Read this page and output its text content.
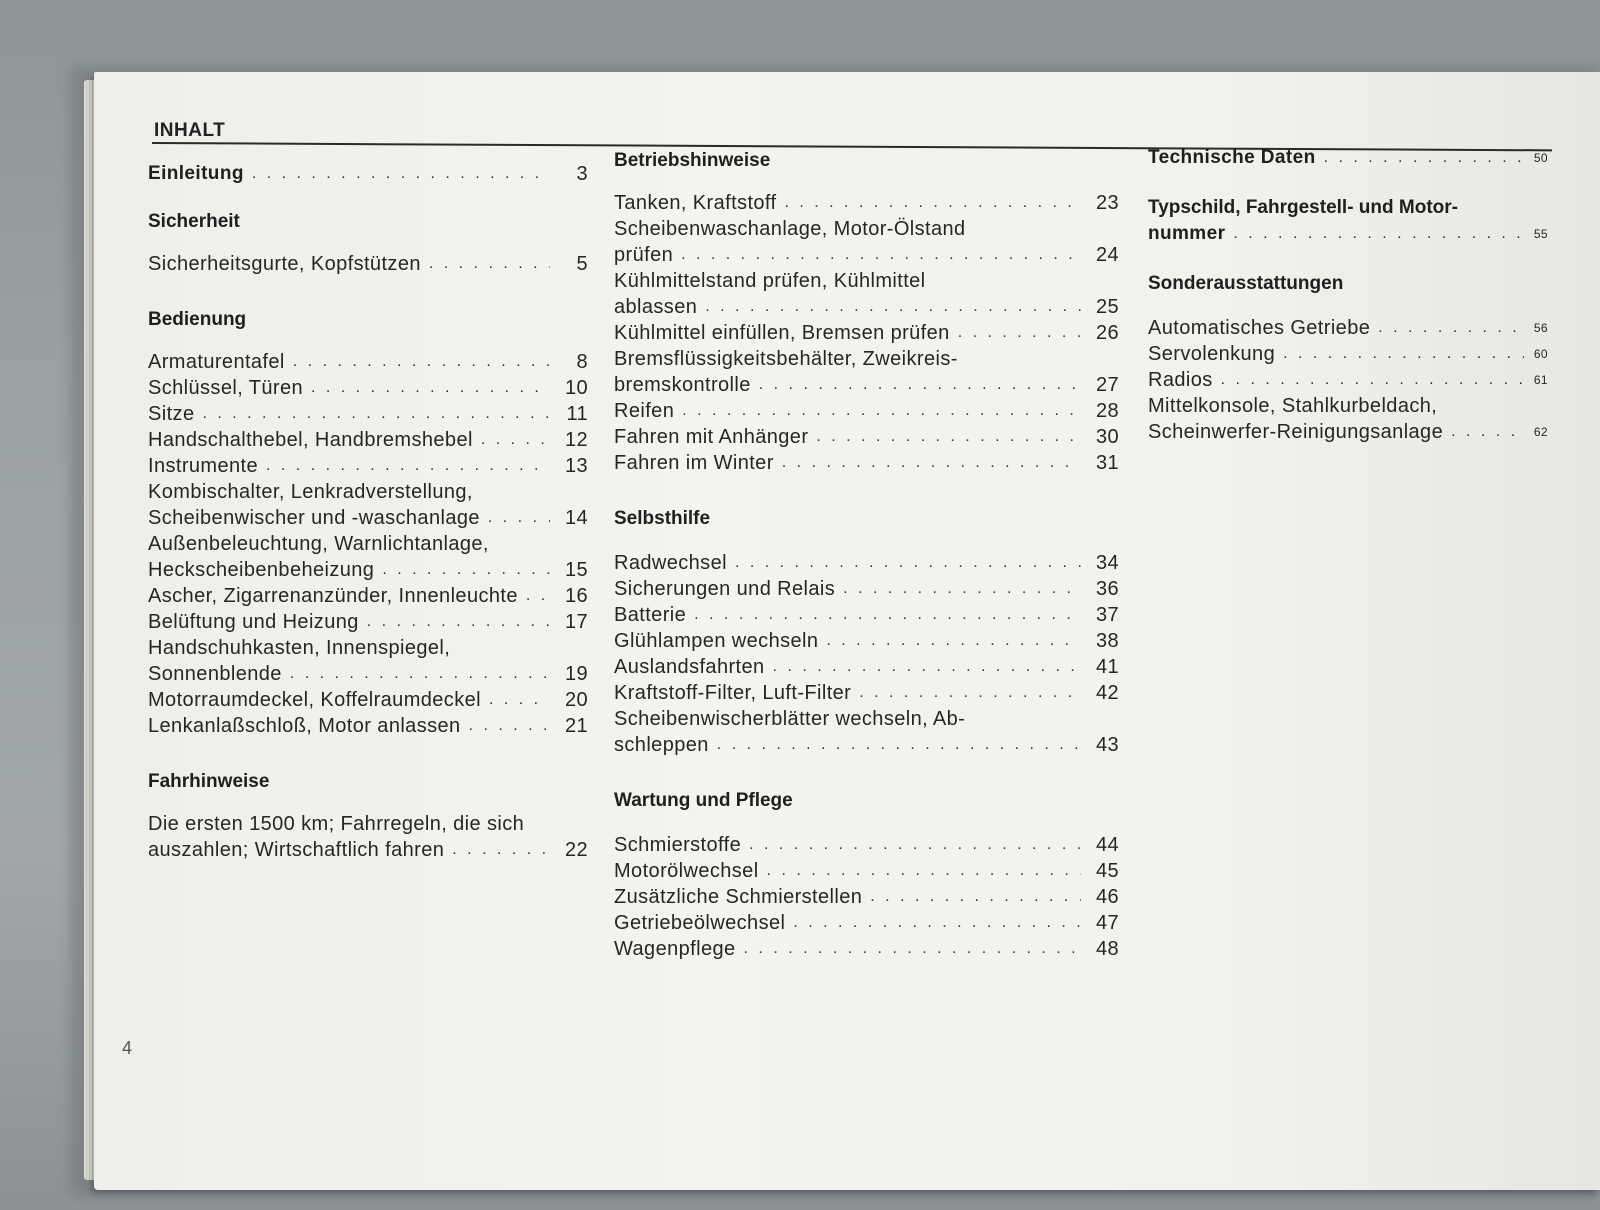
INHALT
Einleitung . . .	3
Sicherheit
Sicherheitsgurte, Kopfstützen . . .	5
Bedienung
Armaturentafel . . .	8
Schlüssel, Türen . . .	10
Sitze . . .	11
Handschalthebel, Handbremshebel . . .	12
Instrumente . . .	13
Kombischalter, Lenkradverstellung,
Scheibenwischer und -waschanlage . . .	14
Außenbeleuchtung, Warnlichtanlage,
Heckscheibenbeheizung . . .	15
Ascher, Zigarrenanzünder, Innenleuchte . . .	16
Belüftung und Heizung . . .	17
Handschuhkasten, Innenspiegel,
Sonnenblende . . .	19
Motorraumdeckel, Koffelraumdeckel . . .	20
Lenkanlaßschloß, Motor anlassen . . .	21
Fahrhinweise
Die ersten 1500 km; Fahrregeln, die sich
auszahlen; Wirtschaftlich fahren . . .	22
Betriebshinweise
Tanken, Kraftstoff . . .	23
Scheibenwaschanlage, Motor-Ölstand
prüfen . . .	24
Kühlmittelstand prüfen, Kühlmittel
ablassen . . .	25
Kühlmittel einfüllen, Bremsen prüfen . . .	26
Bremsflüssigkeitsbehälter, Zweikreis-
bremskontrolle . . .	27
Reifen . . .	28
Fahren mit Anhänger . . .	30
Fahren im Winter . . .	31
Selbsthilfe
Radwechsel . . .	34
Sicherungen und Relais . . .	36
Batterie . . .	37
Glühlampen wechseln . . .	38
Auslandsfahrten . . .	41
Kraftstoff-Filter, Luft-Filter . . .	42
Scheibenwischerblätter wechseln, Ab-
schleppen . . .	43
Wartung und Pflege
Schmierstoffe . . .	44
Motorölwechsel . . .	45
Zusätzliche Schmierstellen . . .	46
Getriebeölwechsel . . .	47
Wagenpflege . . .	48
Technische Daten . . .	50
Typschild, Fahrgestell- und Motor-
nummer . . .	55
Sonderausstattungen
Automatisches Getriebe . . .	56
Servolenkung . . .	60
Radios . . .	61
Mittelkonsole, Stahlkurbeldach,
Scheinwerfer-Reinigungsanlage . . .	62
4
